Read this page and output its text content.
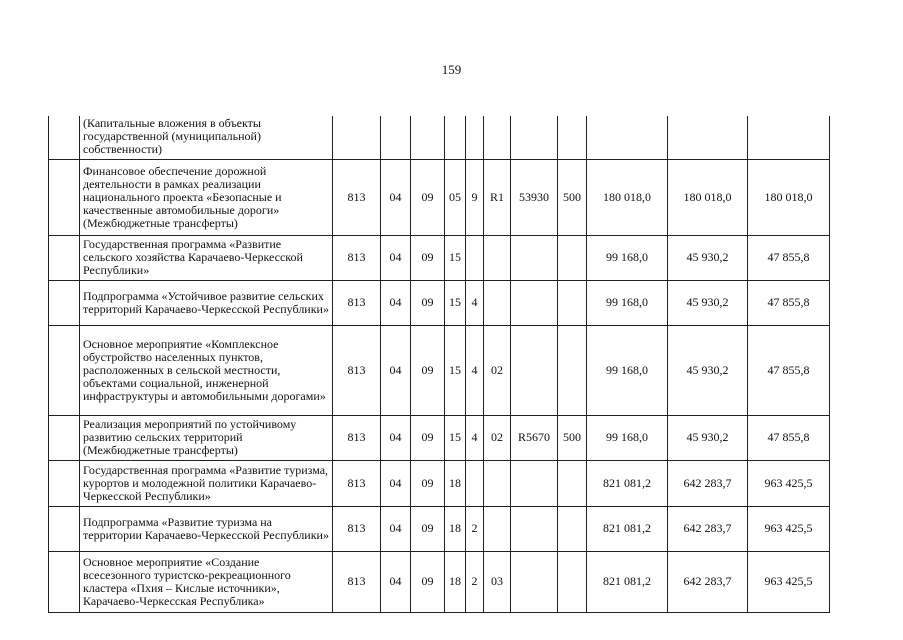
159
	(Капитальные вложения в объекты государственной (муниципальной) собственности)											
	Финансовое обеспечение дорожной деятельности в рамках реализации национального проекта «Безопасные и качественные автомобильные дороги» (Межбюджетные трансферты)	813	04	09	05	9	R1	53930	500	180 018,0	180 018,0	180 018,0
	Государственная программа «Развитие сельского хозяйства Карачаево-Черкесской Республики»	813	04	09	15					99 168,0	45 930,2	47 855,8
	Подпрограмма «Устойчивое развитие сельских территорий Карачаево-Черкесской Республики»	813	04	09	15	4				99 168,0	45 930,2	47 855,8
	Основное мероприятие «Комплексное обустройство населенных пунктов, расположенных в сельской местности, объектами социальной, инженерной инфраструктуры и автомобильными дорогами»	813	04	09	15	4	02			99 168,0	45 930,2	47 855,8
	Реализация мероприятий по устойчивому развитию сельских территорий (Межбюджетные трансферты)	813	04	09	15	4	02	R5670	500	99 168,0	45 930,2	47 855,8
	Государственная программа «Развитие туризма, курортов и молодежной политики Карачаево-Черкесской Республики»	813	04	09	18					821 081,2	642 283,7	963 425,5
	Подпрограмма «Развитие туризма на территории Карачаево-Черкесской Республики»	813	04	09	18	2				821 081,2	642 283,7	963 425,5
	Основное мероприятие «Создание всесезонного туристско-рекреационного кластера «Пхия – Кислые источники», Карачаево-Черкесская Республика»	813	04	09	18	2	03			821 081,2	642 283,7	963 425,5
